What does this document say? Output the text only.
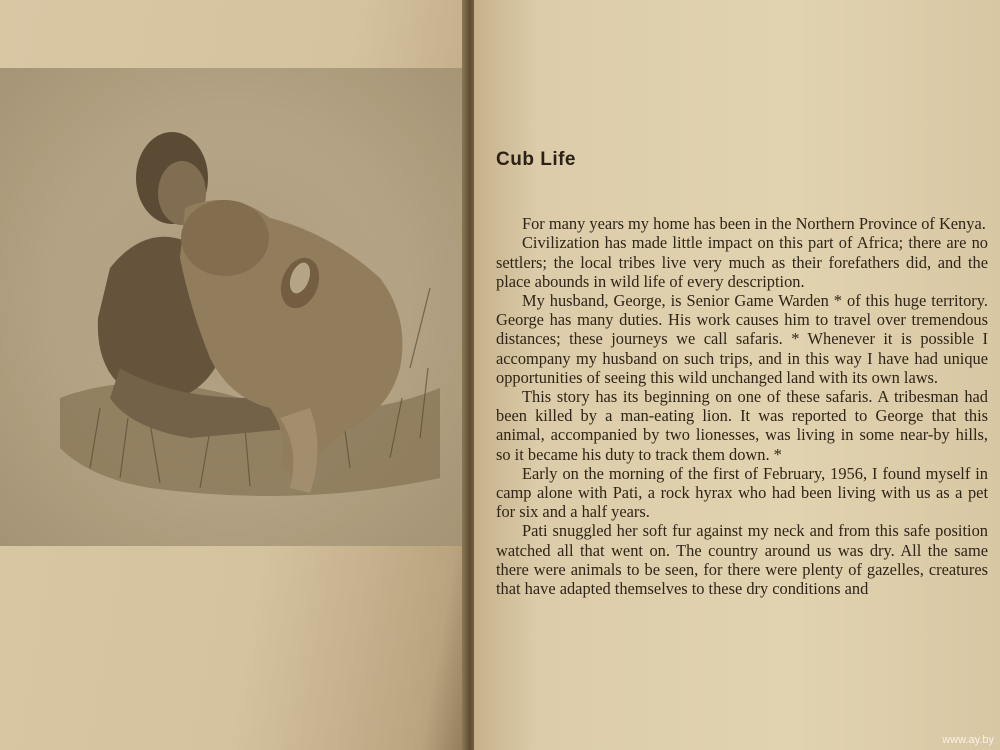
Cub Life

For many years my home has been in the Northern Province of Kenya.

Civilization has made little impact on this part of Africa; there are no settlers; the local tribes live very much as their forefathers did, and the place abounds in wild life of every description.

My husband, George, is Senior Game Warden * of this huge territory. George has many duties. His work causes him to travel over tremendous distances; these journeys we call safaris. * Whenever it is possible I accompany my husband on such trips, and in this way I have had unique opportunities of seeing this wild unchanged land with its own laws.

This story has its beginning on one of these safaris. A tribesman had been killed by a man-eating lion. It was reported to George that this animal, accompanied by two lionesses, was living in some near-by hills, so it became his duty to track them down. *

Early on the morning of the first of February, 1956, I found myself in camp alone with Pati, a rock hyrax who had been living with us as a pet for six and a half years.

Pati snuggled her soft fur against my neck and from this safe position watched all that went on. The country around us was dry. All the same there were animals to be seen, for there were plenty of gazelles, creatures that have adapted themselves to these dry conditions and

www.ay.by
